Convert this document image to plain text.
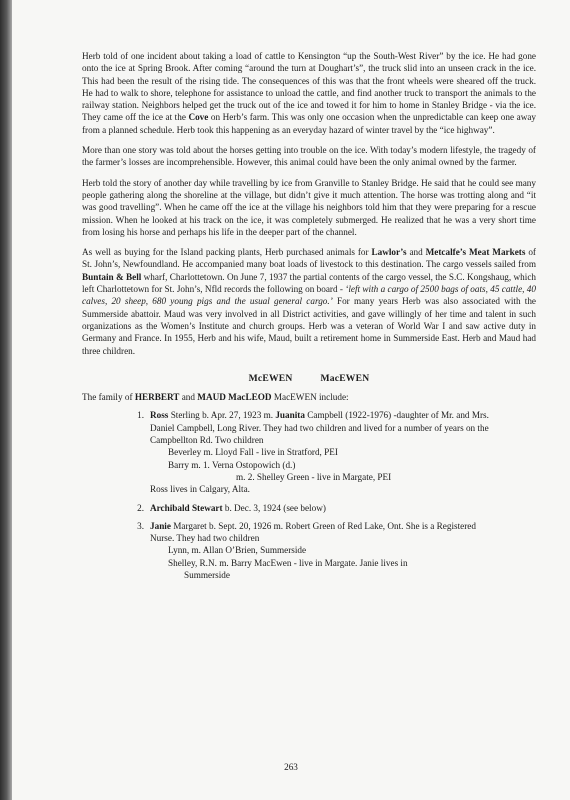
Herb told of one incident about taking a load of cattle to Kensington “up the South-West River” by the ice. He had gone onto the ice at Spring Brook. After coming “around the turn at Doughart’s”, the truck slid into an unseen crack in the ice. This had been the result of the rising tide. The consequences of this was that the front wheels were sheared off the truck. He had to walk to shore, telephone for assistance to unload the cattle, and find another truck to transport the animals to the railway station. Neighbors helped get the truck out of the ice and towed it for him to home in Stanley Bridge - via the ice. They came off the ice at the Cove on Herb’s farm. This was only one occasion when the unpredictable can keep one away from a planned schedule. Herb took this happening as an everyday hazard of winter travel by the “ice highway”.

More than one story was told about the horses getting into trouble on the ice. With today’s modern lifestyle, the tragedy of the farmer’s losses are incomprehensible. However, this animal could have been the only animal owned by the farmer.

Herb told the story of another day while travelling by ice from Granville to Stanley Bridge. He said that he could see many people gathering along the shoreline at the village, but didn’t give it much attention. The horse was trotting along and “it was good travelling”. When he came off the ice at the village his neighbors told him that they were preparing for a rescue mission. When he looked at his track on the ice, it was completely submerged. He realized that he was a very short time from losing his horse and perhaps his life in the deeper part of the channel.

As well as buying for the Island packing plants, Herb purchased animals for Lawlor’s and Metcalfe’s Meat Markets of St. John’s, Newfoundland. He accompanied many boat loads of livestock to this destination. The cargo vessels sailed from Buntain & Bell wharf, Charlottetown. On June 7, 1937 the partial contents of the cargo vessel, the S.C. Kongshaug, which left Charlottetown for St. John’s, Nfld records the following on board - ‘left with a cargo of 2500 bags of oats, 45 cattle, 40 calves, 20 sheep, 680 young pigs and the usual general cargo.’ For many years Herb was also associated with the Summerside abattoir. Maud was very involved in all District activities, and gave willingly of her time and talent in such organizations as the Women’s Institute and church groups. Herb was a veteran of World War I and saw active duty in Germany and France. In 1955, Herb and his wife, Maud, built a retirement home in Summerside East. Herb and Maud had three children.

McEWEN	MacEWEN
The family of HERBERT and MAUD MacLEOD MacEWEN include:
1. Ross Sterling b. Apr. 27, 1923 m. Juanita Campbell (1922-1976) -daughter of Mr. and Mrs. Daniel Campbell, Long River. They had two children and lived for a number of years on the Campbellton Rd. Two children
Beverley m. Lloyd Fall - live in Stratford, PEI
Barry m. 1. Verna Ostopowich (d.)
m. 2. Shelley Green - live in Margate, PEI
Ross lives in Calgary, Alta.
2. Archibald Stewart b. Dec. 3, 1924 (see below)
3. Janie Margaret b. Sept. 20, 1926 m. Robert Green of Red Lake, Ont. She is a Registered Nurse. They had two children
Lynn, m. Allan O’Brien, Summerside
Shelley, R.N. m. Barry MacEwen - live in Margate. Janie lives in
Summerside
263
